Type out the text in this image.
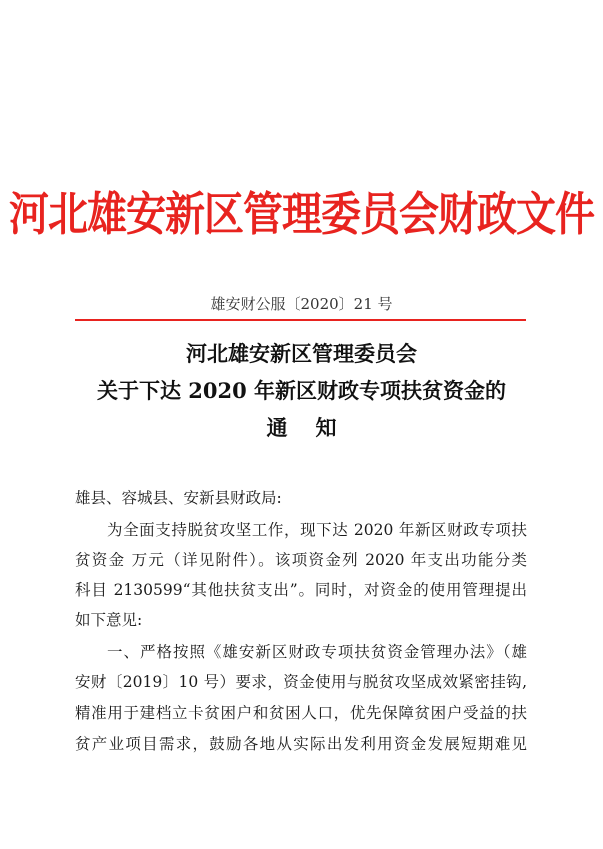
河北雄安新区管理委员会财政文件
雄安财公服〔2020〕21 号
河北雄安新区管理委员会
关于下达 2020 年新区财政专项扶贫资金的
通知
雄县、容城县、安新县财政局:
为全面支持脱贫攻坚工作，现下达 2020 年新区财政专项扶
贫资金 万元（详见附件）。该项资金列 2020 年支出功能分类
科目 2130599“其他扶贫支出”。同时，对资金的使用管理提出
如下意见:
一、严格按照《雄安新区财政专项扶贫资金管理办法》（雄
安财〔2019〕10 号）要求，资金使用与脱贫攻坚成效紧密挂钩,
精准用于建档立卡贫困户和贫困人口，优先保障贫困户受益的扶
贫产业项目需求，鼓励各地从实际出发利用资金发展短期难见
